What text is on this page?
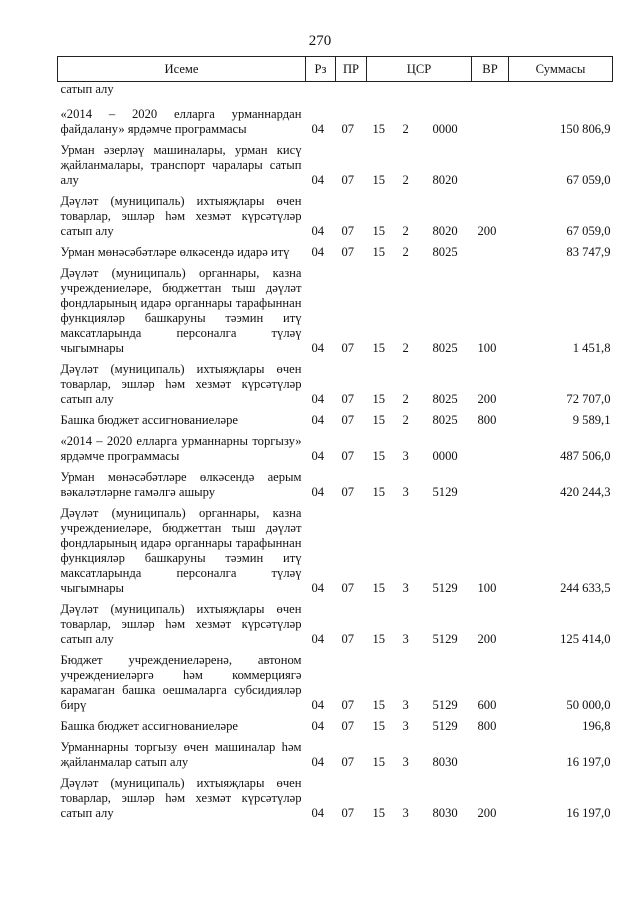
270
Исеме	Рз	ПР	ЦСР			ВР	Суммасы
сатып алу							
«2014 – 2020 елларга урманнардан файдалану» ярдәмче программасы	04	07	15	2	0000		150 806,9
Урман әзерләү машиналары, урман кисү җайланмалары, транспорт чаралары сатып алу	04	07	15	2	8020		67 059,0
Дәүләт (муниципаль) ихтыяҗлары өчен товарлар, эшләр һәм хезмәт күрсәтүләр сатып алу	04	07	15	2	8020	200	67 059,0
Урман мөнәсәбәтләре өлкәсендә идарә итү	04	07	15	2	8025		83 747,9
Дәүләт (муниципаль) органнары, казна учреждениеләре, бюджеттан тыш дәүләт фондларының идарә органнары тарафыннан функцияләр башкаруны тәэмин итү максатларында персоналга түләү чыгымнары	04	07	15	2	8025	100	1 451,8
Дәүләт (муниципаль) ихтыяҗлары өчен товарлар, эшләр һәм хезмәт күрсәтүләр сатып алу	04	07	15	2	8025	200	72 707,0
Башка бюджет ассигнованиеләре	04	07	15	2	8025	800	9 589,1
«2014 – 2020 елларга урманнарны торгызу» ярдәмче программасы	04	07	15	3	0000		487 506,0
Урман мөнәсәбәтләре өлкәсендә аерым вәкаләтләрне гамәлгә ашыру	04	07	15	3	5129		420 244,3
Дәүләт (муниципаль) органнары, казна учреждениеләре, бюджеттан тыш дәүләт фондларының идарә органнары тарафыннан функцияләр башкаруны тәэмин итү максатларында персоналга түләү чыгымнары	04	07	15	3	5129	100	244 633,5
Дәүләт (муниципаль) ихтыяҗлары өчен товарлар, эшләр һәм хезмәт күрсәтүләр сатып алу	04	07	15	3	5129	200	125 414,0
Бюджет учреждениеләренә, автоном учреждениеләргә һәм коммерциягә карамаган башка оешмаларга субсидияләр бирү	04	07	15	3	5129	600	50 000,0
Башка бюджет ассигнованиеләре	04	07	15	3	5129	800	196,8
Урманнарны торгызу өчен машиналар һәм җайланмалар сатып алу	04	07	15	3	8030		16 197,0
Дәүләт (муниципаль) ихтыяҗлары өчен товарлар, эшләр һәм хезмәт күрсәтүләр сатып алу	04	07	15	3	8030	200	16 197,0
